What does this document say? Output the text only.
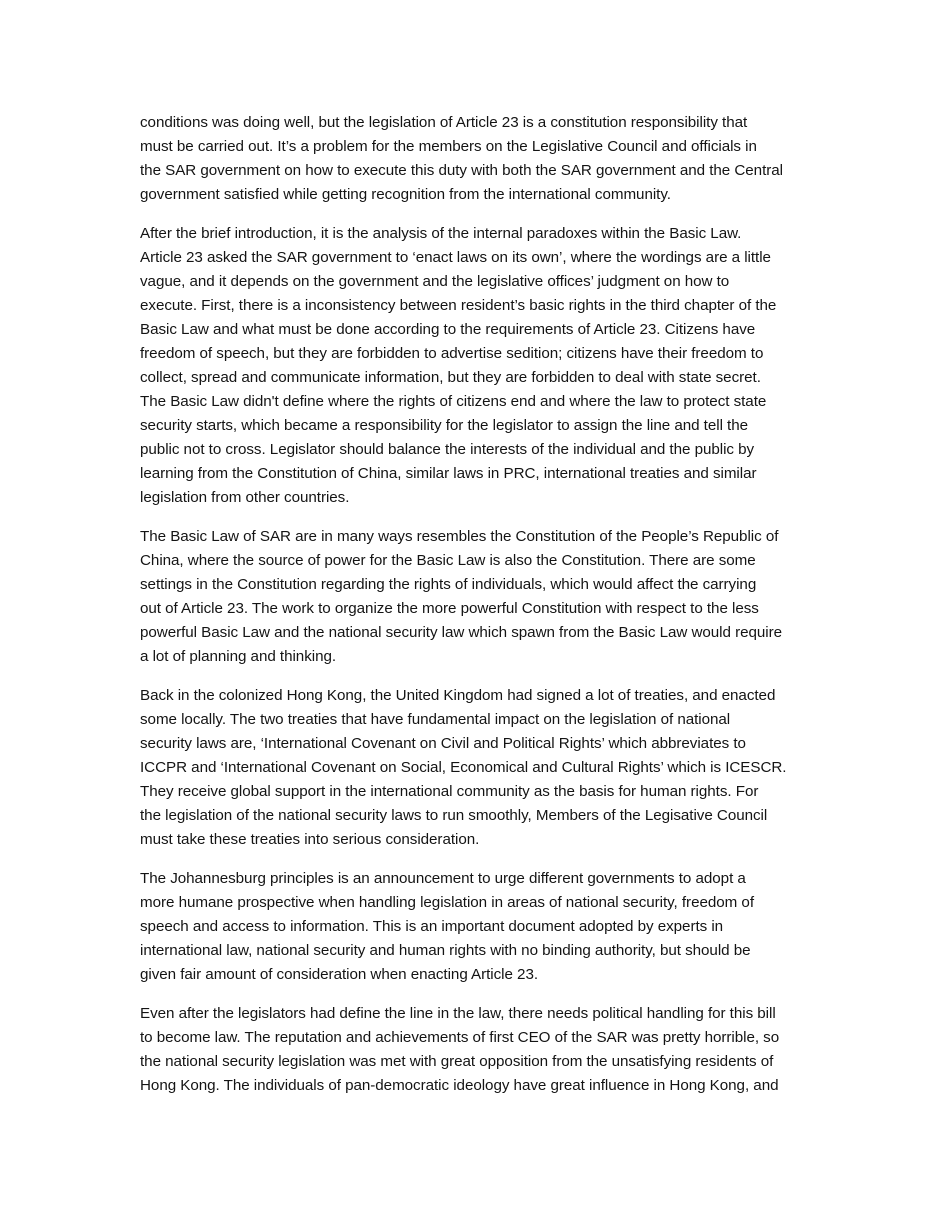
conditions was doing well, but the legislation of Article 23 is a constitution responsibility that
must be carried out. It’s a problem for the members on the Legislative Council and officials in
the SAR government on how to execute this duty with both the SAR government and the Central
government satisfied while getting recognition from the international community.

After the brief introduction, it is the analysis of the internal paradoxes within the Basic Law.
Article 23 asked the SAR government to ‘enact laws on its own’, where the wordings are a little
vague, and it depends on the government and the legislative offices’ judgment on how to
execute. First, there is a inconsistency between resident’s basic rights in the third chapter of the
Basic Law and what must be done according to the requirements of Article 23. Citizens have
freedom of speech, but they are forbidden to advertise sedition; citizens have their freedom to
collect, spread and communicate information, but they are forbidden to deal with state secret.
The Basic Law didn't define where the rights of citizens end and where the law to protect state
security starts, which became a responsibility for the legislator to assign the line and tell the
public not to cross. Legislator should balance the interests of the individual and the public by
learning from the Constitution of China, similar laws in PRC, international treaties and similar
legislation from other countries.

The Basic Law of SAR are in many ways resembles the Constitution of the People’s Republic of
China, where the source of power for the Basic Law is also the Constitution. There are some
settings in the Constitution regarding the rights of individuals, which would affect the carrying
out of Article 23. The work to organize the more powerful Constitution with respect to the less
powerful Basic Law and the national security law which spawn from the Basic Law would require
a lot of planning and thinking.

Back in the colonized Hong Kong, the United Kingdom had signed a lot of treaties, and enacted
some locally. The two treaties that have fundamental impact on the legislation of national
security laws are, ‘International Covenant on Civil and Political Rights’ which abbreviates to
ICCPR and ‘International Covenant on Social, Economical and Cultural Rights’ which is ICESCR.
They receive global support in the international community as the basis for human rights. For
the legislation of the national security laws to run smoothly, Members of the Legisative Council
must take these treaties into serious consideration.

The Johannesburg principles is an announcement to urge different governments to adopt a
more humane prospective when handling legislation in areas of national security, freedom of
speech and access to information. This is an important document adopted by experts in
international law, national security and human rights with no binding authority, but should be
given fair amount of consideration when enacting Article 23.

Even after the legislators had define the line in the law, there needs political handling for this bill
to become law. The reputation and achievements of first CEO of the SAR was pretty horrible, so
the national security legislation was met with great opposition from the unsatisfying residents of
Hong Kong. The individuals of pan-democratic ideology have great influence in Hong Kong, and
